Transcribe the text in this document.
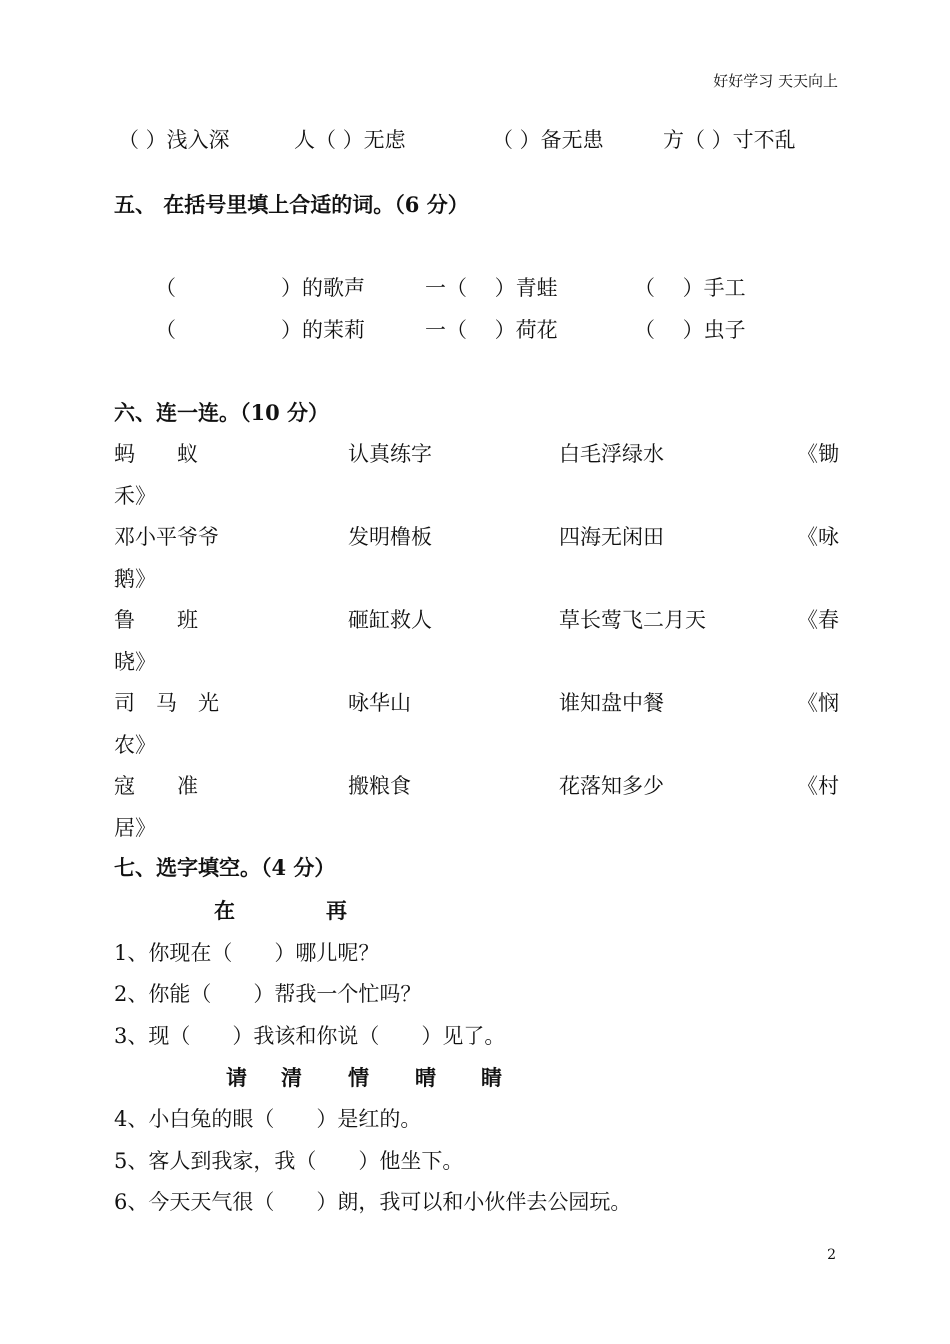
好好学习 天天向上
（ ）浅入深	人（ ）无虑	（ ）备无患	方（ ）寸不乱
五、 在括号里填上合适的词。（6 分）
（　　　　　）的歌声	一（　 ）青蛙	（　 ）手工
（　　　　　）的茉莉	一（　 ）荷花	（　 ）虫子
六、连一连。（10 分）
蚂　　蚁	认真练字	白毛浮绿水	《锄
禾》
邓小平爷爷	发明橹板	四海无闲田	《咏
鹅》
鲁　　班	砸缸救人	草长莺飞二月天	《春
晓》
司　马　光	咏华山	谁知盘中餐	《悯
农》
寇　　准	搬粮食	花落知多少	《村
居》
七、选字填空。（4 分）
在	再
1、你现在（　　）哪儿呢？
2、你能（　　）帮我一个忙吗？
3、现（　　）我该和你说（　　）见了。
请 清 情 晴 睛
4、小白兔的眼（　　）是红的。
5、客人到我家，我（　　）他坐下。
6、今天天气很（　　）朗，我可以和小伙伴去公园玩。
2
